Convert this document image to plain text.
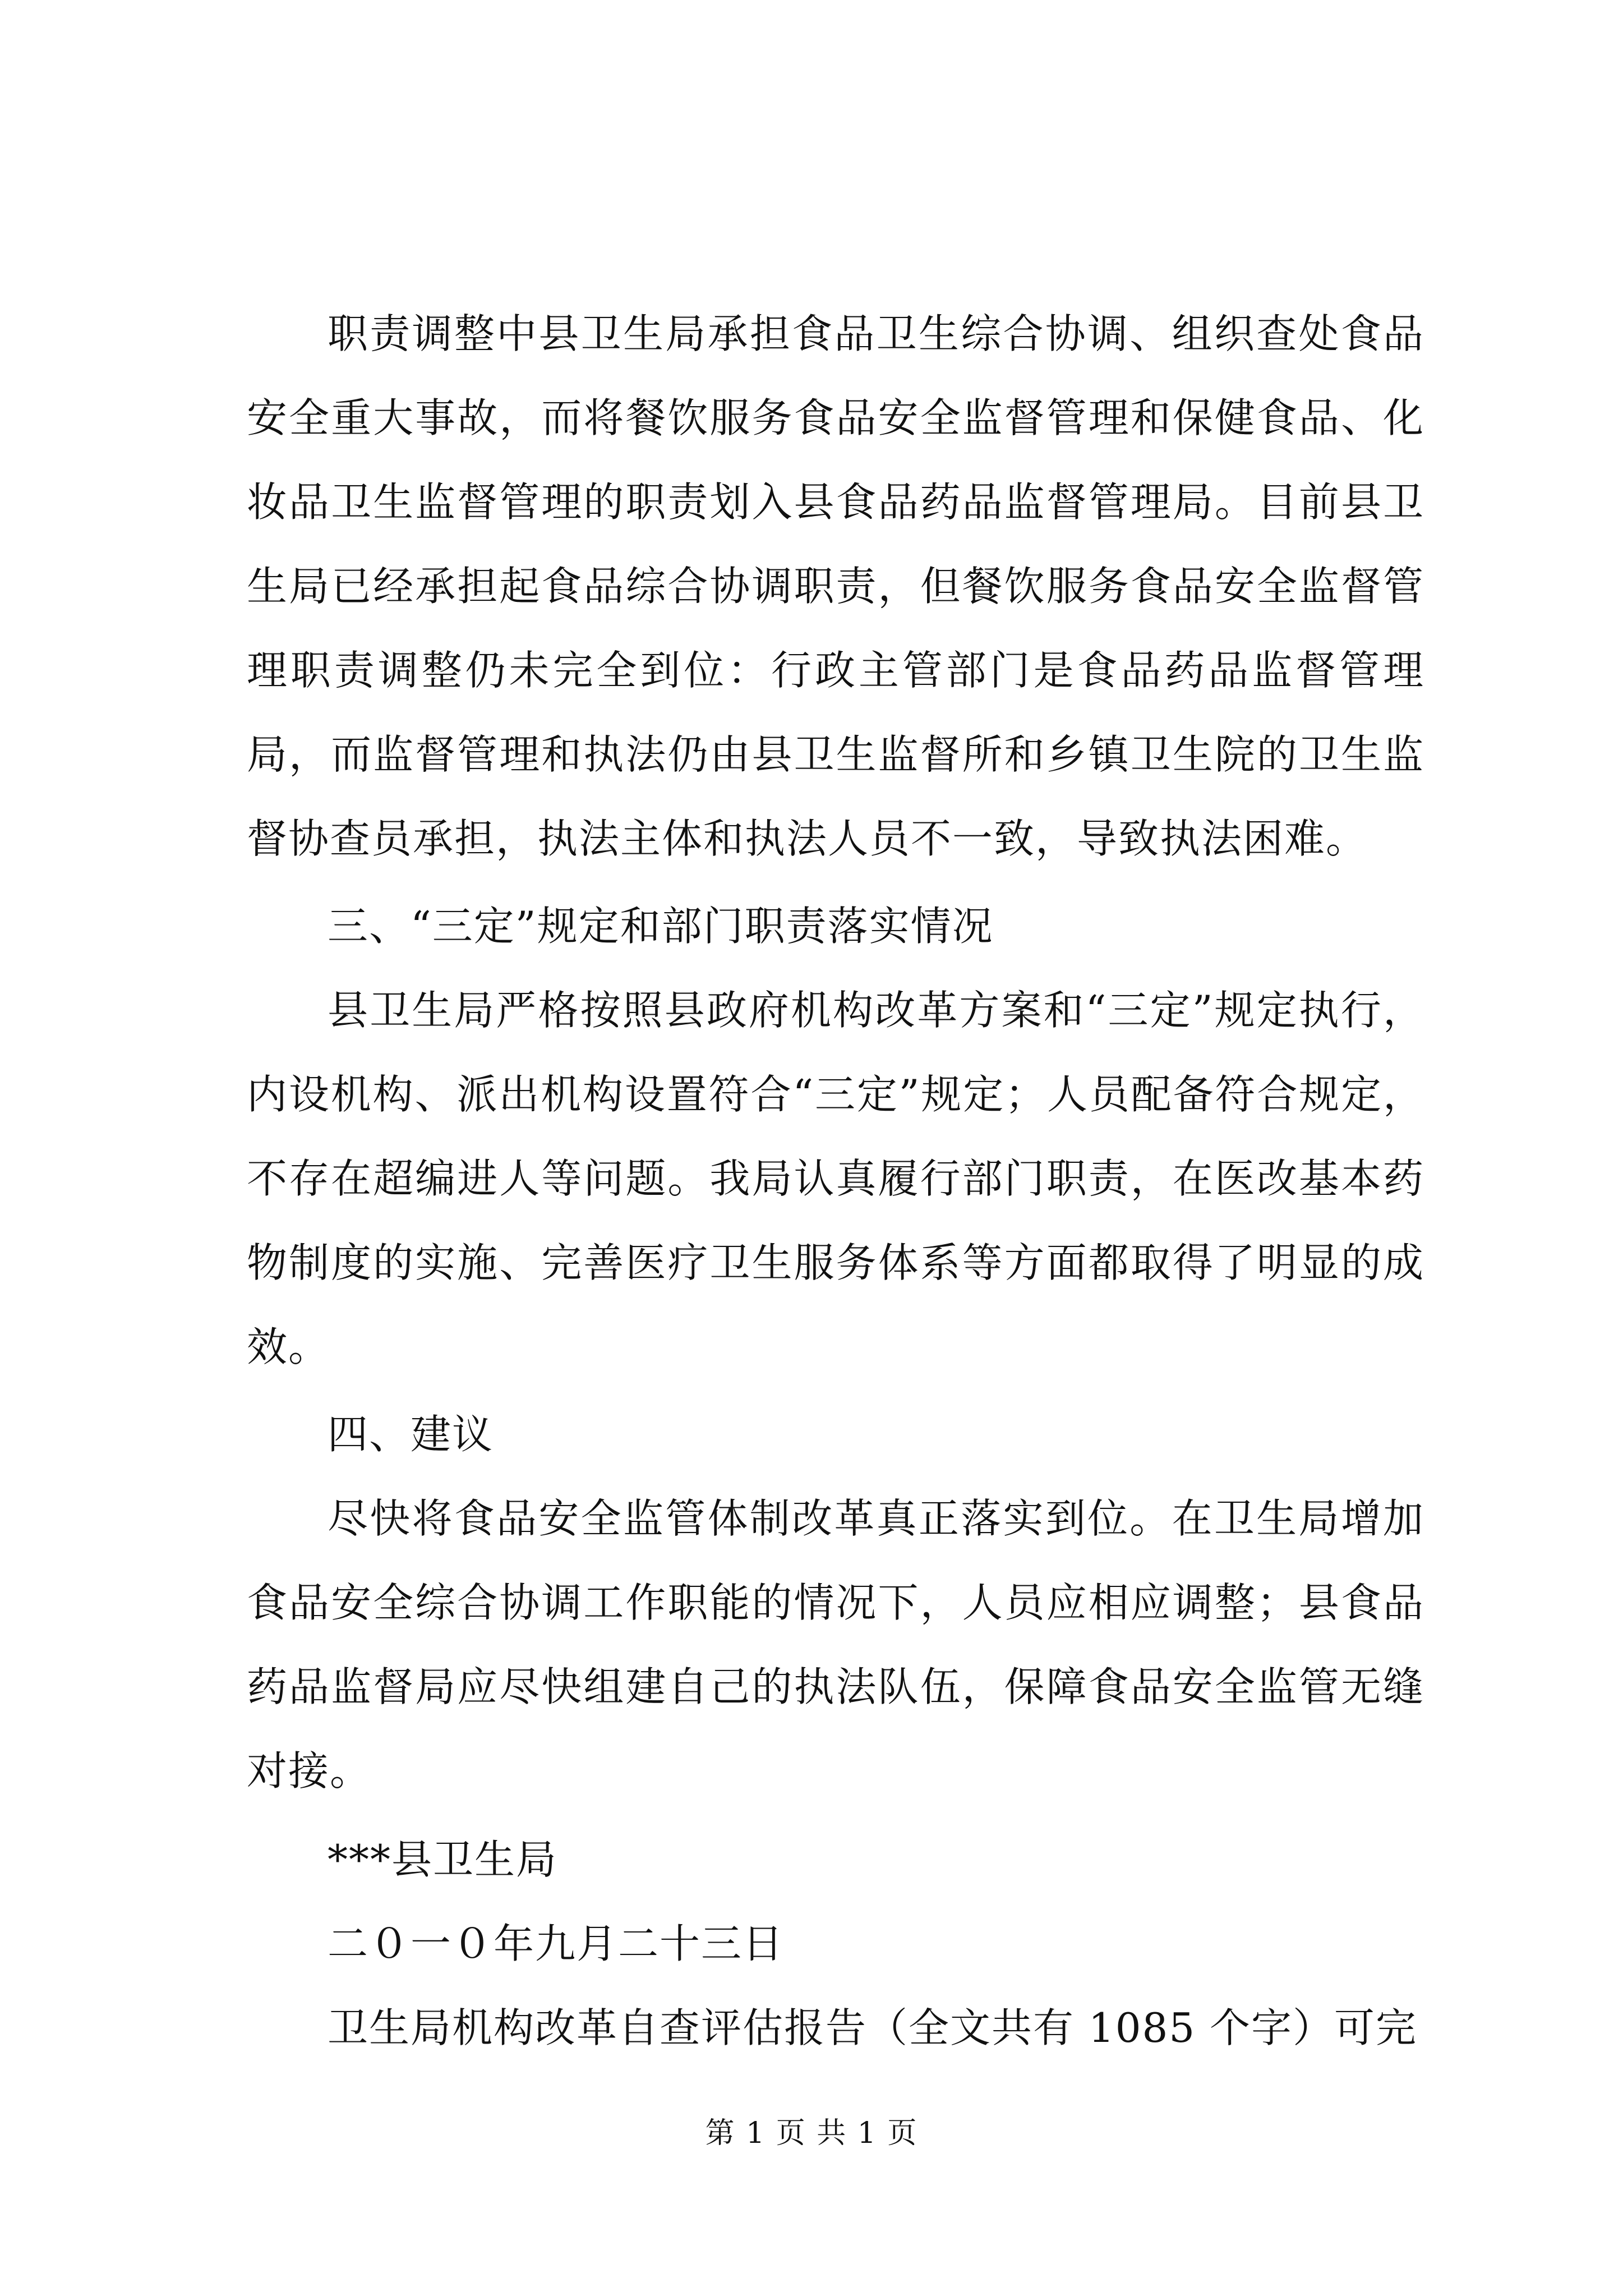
职责调整中县卫生局承担食品卫生综合协调、组织查处食品安全重大事故，而将餐饮服务食品安全监督管理和保健食品、化妆品卫生监督管理的职责划入县食品药品监督管理局。目前县卫生局已经承担起食品综合协调职责，但餐饮服务食品安全监督管理职责调整仍未完全到位：行政主管部门是食品药品监督管理局，而监督管理和执法仍由县卫生监督所和乡镇卫生院的卫生监督协查员承担，执法主体和执法人员不一致，导致执法困难。

三、“三定”规定和部门职责落实情况

县卫生局严格按照县政府机构改革方案和“三定”规定执行，内设机构、派出机构设置符合“三定”规定；人员配备符合规定，不存在超编进人等问题。我局认真履行部门职责，在医改基本药物制度的实施、完善医疗卫生服务体系等方面都取得了明显的成效。

四、建议

尽快将食品安全监管体制改革真正落实到位。在卫生局增加食品安全综合协调工作职能的情况下，人员应相应调整；县食品药品监督局应尽快组建自己的执法队伍，保障食品安全监管无缝对接。

***县卫生局

二０一０年九月二十三日

卫生局机构改革自查评估报告（全文共有 1085 个字）可完

第 1 页 共 1 页
